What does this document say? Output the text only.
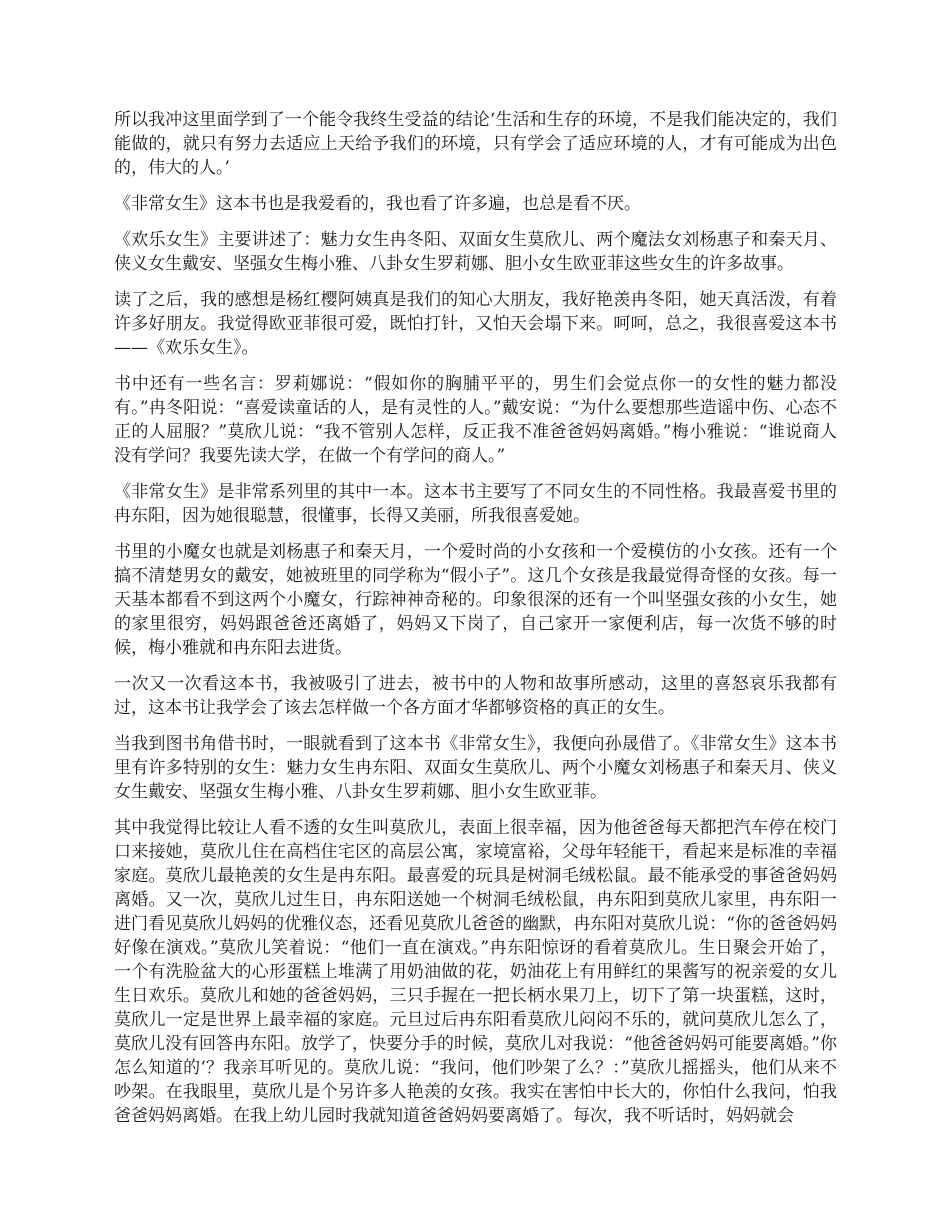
所以我冲这里面学到了一个能令我终生受益的结论‘生活和生存的环境，不是我们能决定的，我们能做的，就只有努力去适应上天给予我们的环境，只有学会了适应环境的人，才有可能成为出色的，伟大的人。’

《非常女生》这本书也是我爱看的，我也看了许多遍，也总是看不厌。

《欢乐女生》主要讲述了：魅力女生冉冬阳、双面女生莫欣儿、两个魔法女刘杨惠子和秦天月、侠义女生戴安、坚强女生梅小雅、八卦女生罗莉娜、胆小女生欧亚菲这些女生的许多故事。

读了之后，我的感想是杨红樱阿姨真是我们的知心大朋友，我好艳羡冉冬阳，她天真活泼，有着许多好朋友。我觉得欧亚菲很可爱，既怕打针，又怕天会塌下来。呵呵，总之，我很喜爱这本书——《欢乐女生》。

书中还有一些名言：罗莉娜说：“假如你的胸脯平平的，男生们会觉点你一的女性的魅力都没有。”冉冬阳说：“喜爱读童话的人，是有灵性的人。”戴安说：“为什么要想那些造谣中伤、心态不正的人屈服？”莫欣儿说：“我不管别人怎样，反正我不准爸爸妈妈离婚。”梅小雅说：“谁说商人没有学问？我要先读大学，在做一个有学问的商人。”

《非常女生》是非常系列里的其中一本。这本书主要写了不同女生的不同性格。我最喜爱书里的冉东阳，因为她很聪慧，很懂事，长得又美丽，所我很喜爱她。

书里的小魔女也就是刘杨惠子和秦天月，一个爱时尚的小女孩和一个爱模仿的小女孩。还有一个搞不清楚男女的戴安，她被班里的同学称为“假小子”。这几个女孩是我最觉得奇怪的女孩。每一天基本都看不到这两个小魔女，行踪神神奇秘的。印象很深的还有一个叫坚强女孩的小女生，她的家里很穷，妈妈跟爸爸还离婚了，妈妈又下岗了，自己家开一家便利店，每一次货不够的时候，梅小雅就和冉东阳去进货。

一次又一次看这本书，我被吸引了进去，被书中的人物和故事所感动，这里的喜怒哀乐我都有过，这本书让我学会了该去怎样做一个各方面才华都够资格的真正的女生。

当我到图书角借书时，一眼就看到了这本书《非常女生》，我便向孙晟借了。《非常女生》这本书里有许多特别的女生：魅力女生冉东阳、双面女生莫欣儿、两个小魔女刘杨惠子和秦天月、侠义女生戴安、坚强女生梅小雅、八卦女生罗莉娜、胆小女生欧亚菲。

其中我觉得比较让人看不透的女生叫莫欣儿，表面上很幸福，因为他爸爸每天都把汽车停在校门口来接她，莫欣儿住在高档住宅区的高层公寓，家境富裕，父母年轻能干，看起来是标准的幸福家庭。莫欣儿最艳羡的女生是冉东阳。最喜爱的玩具是树洞毛绒松鼠。最不能承受的事爸爸妈妈离婚。又一次，莫欣儿过生日，冉东阳送她一个树洞毛绒松鼠，冉东阳到莫欣儿家里，冉东阳一进门看见莫欣儿妈妈的优雅仪态，还看见莫欣儿爸爸的幽默，冉东阳对莫欣儿说：“你的爸爸妈妈好像在演戏。”莫欣儿笑着说：“他们一直在演戏。”冉东阳惊讶的看着莫欣儿。生日聚会开始了，一个有洗脸盆大的心形蛋糕上堆满了用奶油做的花，奶油花上有用鲜红的果酱写的祝亲爱的女儿生日欢乐。莫欣儿和她的爸爸妈妈，三只手握在一把长柄水果刀上，切下了第一块蛋糕，这时，莫欣儿一定是世界上最幸福的家庭。元旦过后冉东阳看莫欣儿闷闷不乐的，就问莫欣儿怎么了，莫欣儿没有回答冉东阳。放学了，快要分手的时候，莫欣儿对我说：“他爸爸妈妈可能要离婚。”你怎么知道的‘？我亲耳听见的。莫欣儿说：“我问，他们吵架了么？：”莫欣儿摇摇头，他们从来不吵架。在我眼里，莫欣儿是个另许多人艳羡的女孩。我实在害怕中长大的，你怕什么我问，怕我爸爸妈妈离婚。在我上幼儿园时我就知道爸爸妈妈要离婚了。每次，我不听话时，妈妈就会
